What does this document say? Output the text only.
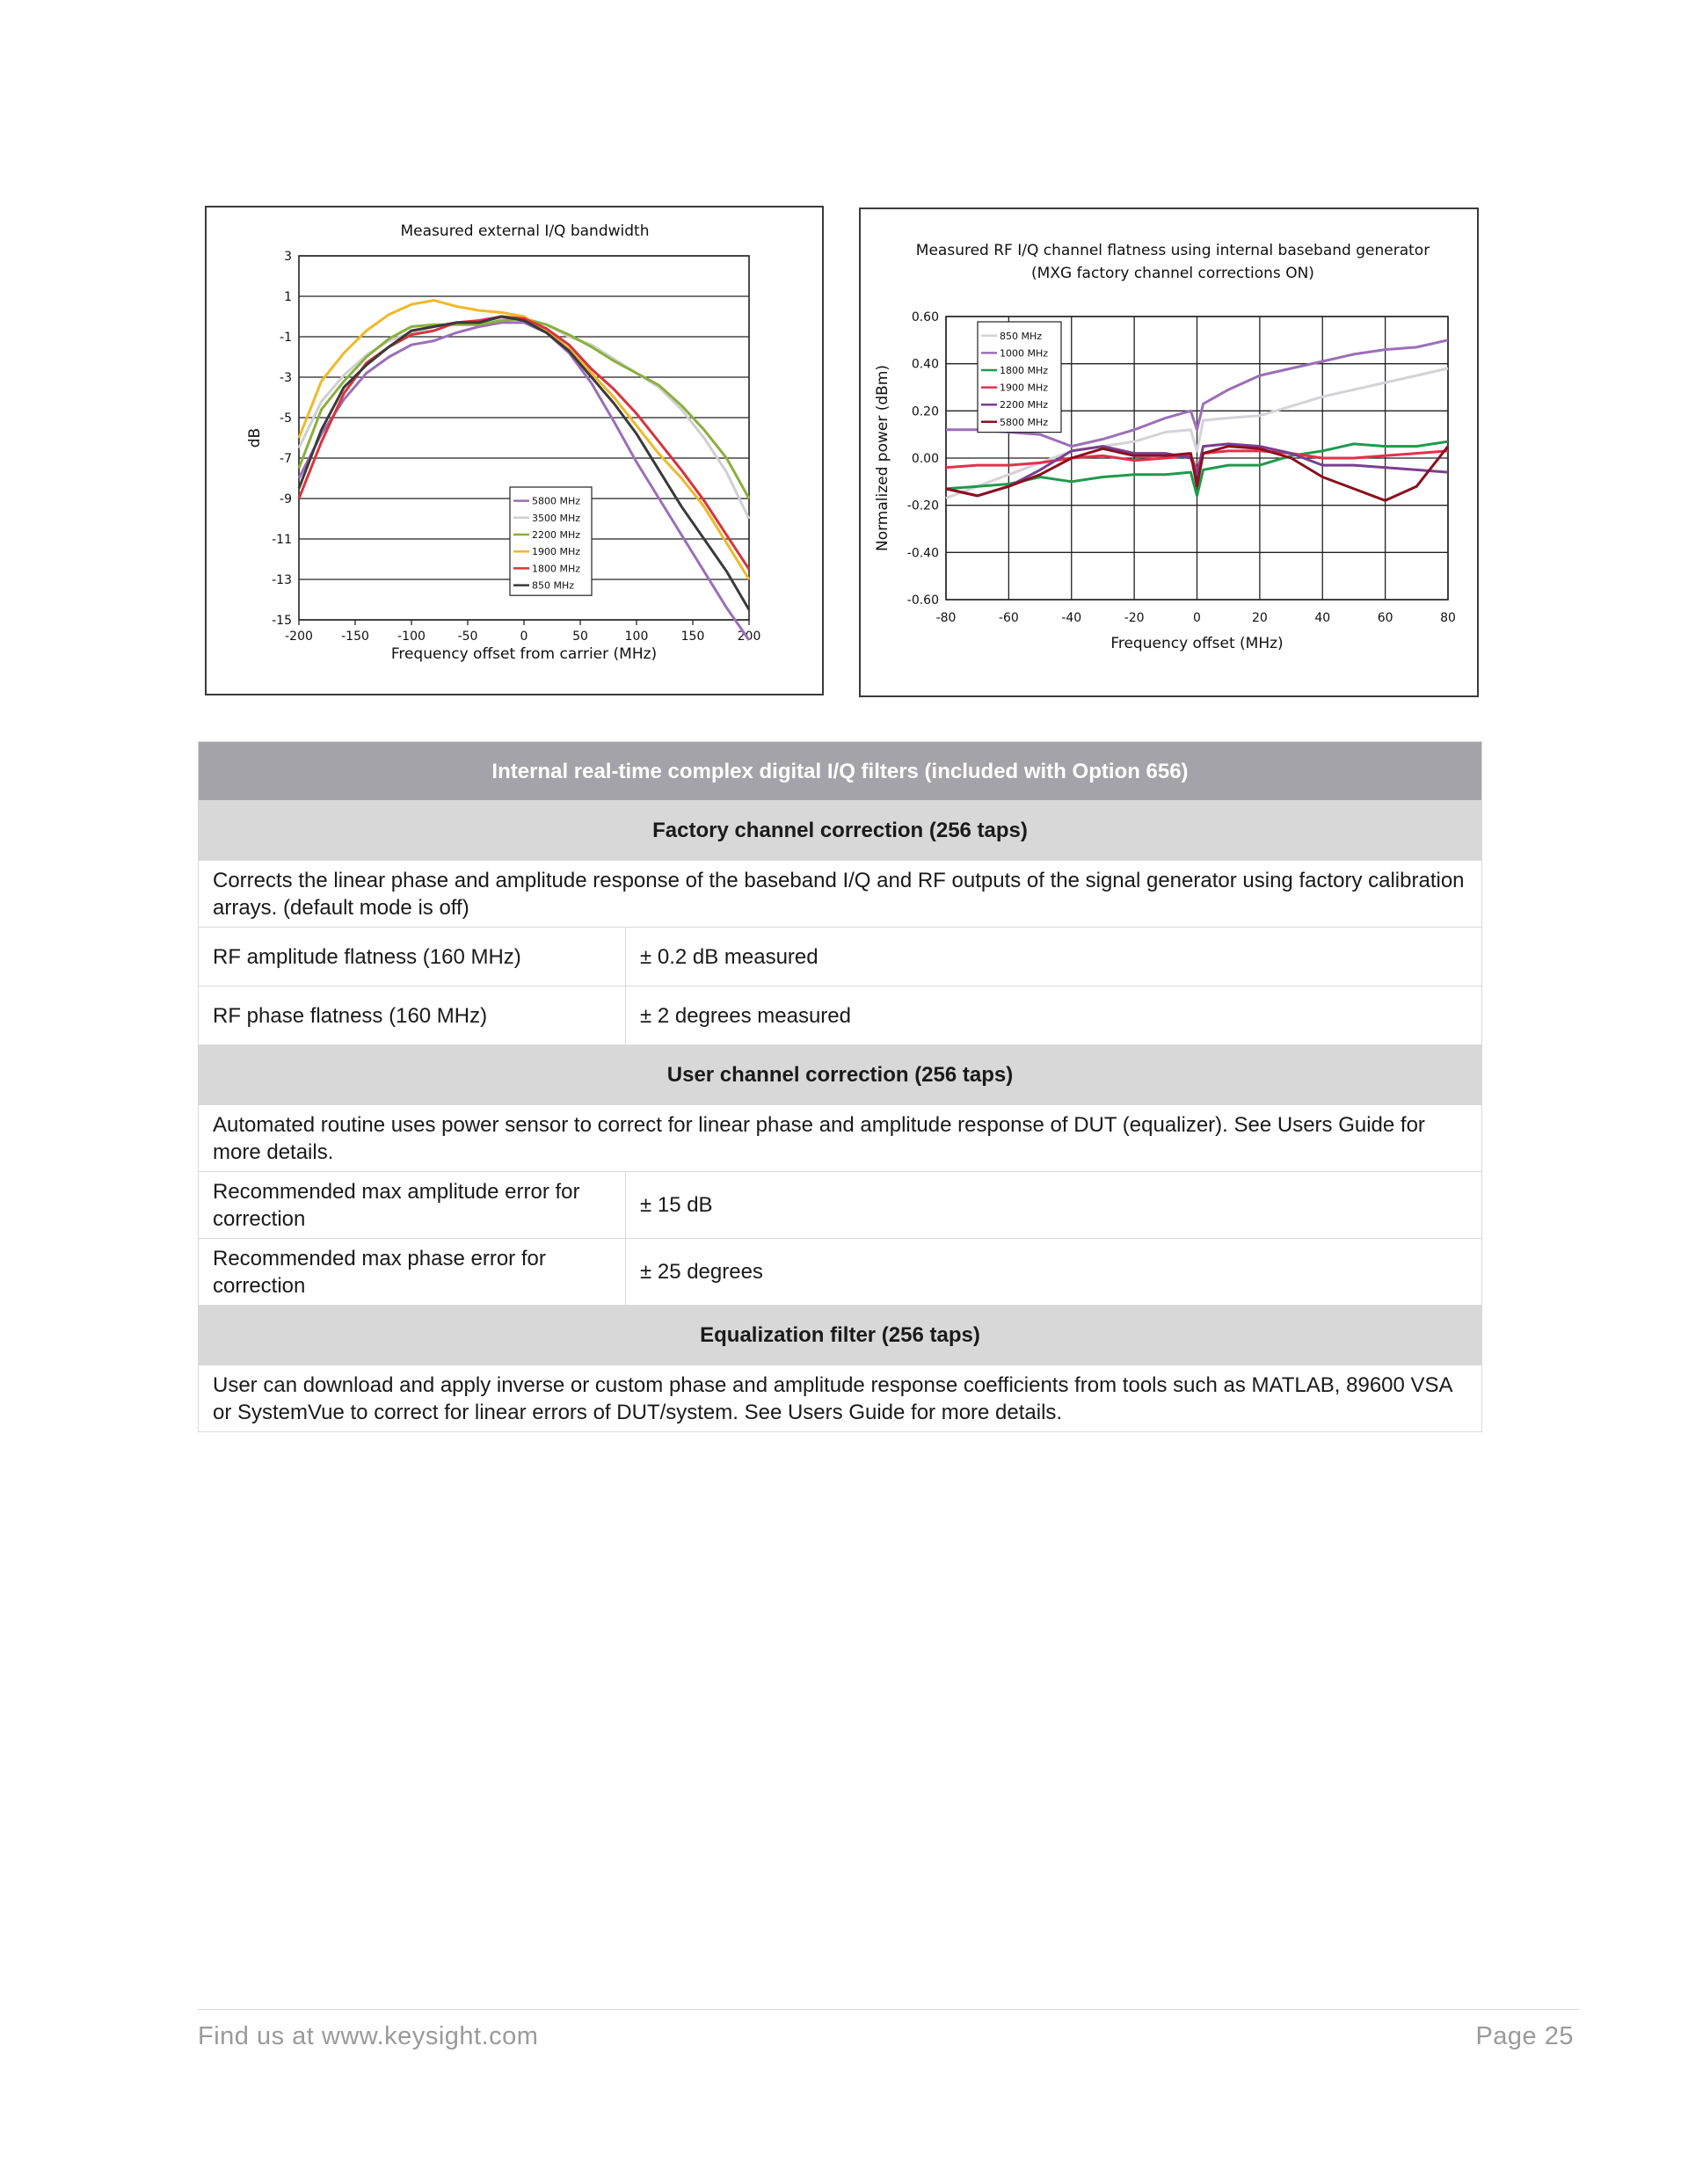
Measured external I/Q bandwidth
3
1
-1
-3
-5
-7
-9
-11
-13
-15
-200 -150 -100	-50	0	50	100	150	200
Frequency offset from carrier (MHz)
dB
5800 MHz
3500 MHz
2200 MHz
1900 MHz
1800 MHz
850 MHz
Measured RF I/Q channel flatness using internal baseband generator
(MXG factory channel corrections ON)
0.60
0.40
0.20
0.00
-0.20
-0.40
-0.60
-80	-60	-40	-20	0	20	40	60	80
Frequency offset (MHz)
Normalized power (dBm)
850 MHz
1000 MHz
1800 MHz
1900 MHz
2200 MHz
5800 MHz
Internal real-time complex digital I/Q filters (included with Option 656)	
Factory channel correction (256 taps)	
Corrects the linear phase and amplitude response of the baseband I/Q and RF outputs of the signal generator using factory calibration arrays. (default mode is off)	
RF amplitude flatness (160 MHz)	± 0.2 dB measured
RF phase flatness (160 MHz)	± 2 degrees measured
User channel correction (256 taps)	
Automated routine uses power sensor to correct for linear phase and amplitude response of DUT (equalizer). See Users Guide for more details.	
Recommended max amplitude error for correction	± 15 dB
Recommended max phase error for correction	± 25 degrees
Equalization filter (256 taps)	
User can download and apply inverse or custom phase and amplitude response coefficients from tools such as MATLAB, 89600 VSA or SystemVue to correct for linear errors of DUT/system. See Users Guide for more details.	
Find us at www.keysight.com	Page 25
